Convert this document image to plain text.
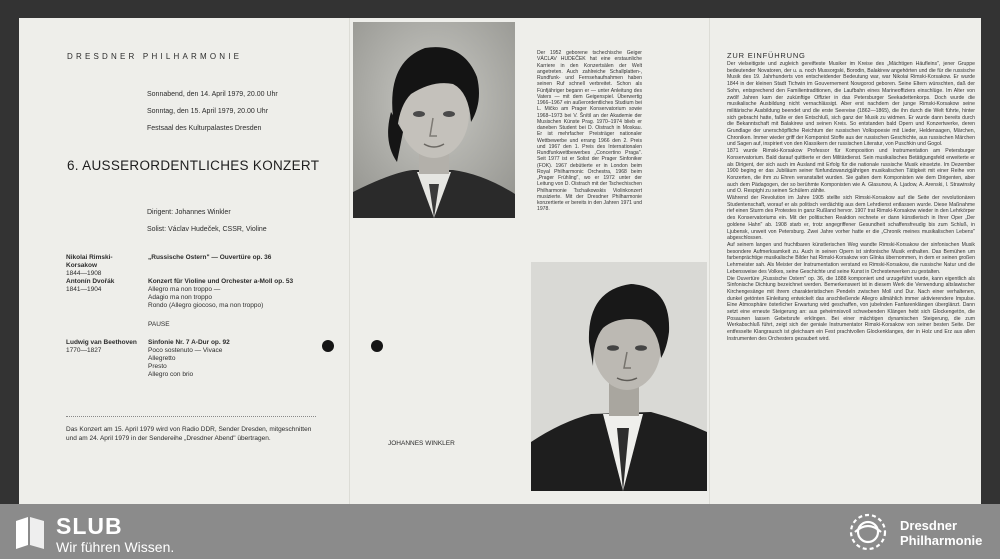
DRESDNER PHILHARMONIE

Sonnabend, den 14. April 1979, 20.00 Uhr

Sonntag, den 15. April 1979, 20.00 Uhr

Festsaal des Kulturpalastes Dresden

6. AUSSERORDENTLICHES KONZERT

Dirigent: Johannes Winkler

Solist: Václav Hudeček, CSSR, Violine

Nikolai Rimski-Korsakow
1844—1908
„Russische Ostern" — Ouvertüre op. 36
Antonín Dvořák
1841—1904
Konzert für Violine und Orchester a-Moll op. 53
Allegro ma non troppo —
Adagio ma non troppo
Rondo (Allegro giocoso, ma non troppo)

PAUSE

Ludwig van Beethoven
1770—1827
Sinfonie Nr. 7 A-Dur op. 92
Poco sostenuto — Vivace
Allegretto
Presto
Allegro con brio

Das Konzert am 15. April 1979 wird von Radio DDR, Sender Dresden, mitgeschnitten und am 24. April 1979 in der Sendereihe „Dresdner Abend" übertragen.

Der 1952 geborene tschechische Geiger VÁCLAV HUDEČEK hat eine erstaunliche Karriere in den Konzertsälen der Welt angetreten. Auch zahlreiche Schallplatten-, Rundfunk- und Fernsehaufnahmen haben seinen Ruf schnell verbreitet. Schon als Fünfjähriger begann er — unter Anleitung des Vaters — mit dem Geigenspiel. Überwertig 1966–1967 ein außerordentliches Studium bei L. Mičko am Prager Konservatorium sowie 1968–1973 bei V. Šnítil an der Akademie der Musischen Künste Prag. 1970–1974 blieb er daneben Student bei D. Oistrach in Moskau. Er ist mehrfacher Preisträger nationaler Wettbewerbe und errang 1966 den 2. Preis und 1967 den 1. Preis des Internationalen Rundfunkwettbewerbes „Concertino Praga". Seit 1977 ist er Solist der Prager Sinfoniker (FOK). 1967 debütierte er in London beim Royal Philharmonic Orchestra, 1968 beim „Prager Frühling", wo er 1972 unter der Leitung von D. Oistrach mit der Tschechischen Philharmonie Tschaikowskis Violinkonzert musizierte. Mit der Dresdner Philharmonie konzertierte er bereits in den Jahren 1971 und 1978.

JOHANNES WINKLER

ZUR EINFÜHRUNG

Der vielseitigste und zugleich gereifteste Musiker im Kreise des „Mächtigen Häufleins", jener Gruppe bedeutender Novatoren, der u. a. noch Mussorgski, Borodin, Balakirew angehörten und die für die russische Musik des 19. Jahrhunderts von entscheidender Bedeutung war, war Nikolai Rimski-Korsakow. Er wurde 1844 in der kleinen Stadt Tichwin im Gouvernement Nowgorod geboren. Seine Eltern wünschten, daß der Sohn, entsprechend den Familientraditionen, die Laufbahn eines Marineoffiziers einschlüge. Im Alter von zwölf Jahren kam der zukünftige Offizier in das Petersburger Seekadettenkorps. Doch wurde die musikalische Ausbildung nicht vernachlässigt. Aber erst nachdem der junge Rimski-Korsakow seine militärische Ausbildung beendet und die erste Seereise (1862—1865), die ihn durch die Welt führte, hinter sich gebracht hatte, faßte er den Entschluß, sich ganz der Musik zu widmen. Er wurde dann bereits durch die Bekanntschaft mit Balakirew und seinen Kreis. So entstanden bald Opern und Konzertwerke, deren Grundlage der unerschöpfliche Reichtum der russischen Volkspoesie mit Lieder, Heldensagen, Märchen, Chroniken. Immer wieder griff der Komponist Stoffe aus der russischen Geschichte, aus russischen Märchen und Sagen auf, inspiriert von den Klassikern der russischen Literatur, von Puschkin und Gogol.

1871 wurde Rimski-Korsakow Professor für Komposition und Instrumentation am Petersburger Konservatorium. Bald darauf quittierte er den Militärdienst. Sein musikalisches Betätigungsfeld erweiterte er als Dirigent, der sich auch im Ausland mit Erfolg für die nationale russische Musik einsetzte. Im Dezember 1900 beging er das Jubiläum seiner fünfundzwanzigjährigen musikalischen Tätigkeit mit einer Reihe von Konzerten, die ihm zu Ehren veranstaltet wurden. Sie galten dem Komponisten wie dem Dirigenten, aber auch dem Pädagogen, der so berühmte Komponisten wie A. Glasunow, A. Ljadow, A. Arenski, I. Strawinsky und O. Respighi zu seinen Schülern zählte.

Während der Revolution im Jahre 1905 stellte sich Rimski-Korsakow auf die Seite der revolutionären Studentenschaft, worauf er als politisch verdächtig aus dem Lehrdienst entlassen wurde. Diese Maßnahme rief einen Sturm des Protestes in ganz Rußland hervor. 1907 trat Rimski-Korsakow wieder in den Lehrkörper des Konservatoriums ein. Mit der politischen Reaktion rechnete er dann künstlerisch in Ihrer Oper „Der goldene Hahn" ab. 1908 starb er, trotz angegriffener Gesundheit schaffensfreudig bis zum Schluß, in Ljubensk, unweit von Petersburg. Zwei Jahre vorher hatte er die „Chronik meines musikalischen Lebens" abgeschlossen.

Auf seinem langen und fruchtbaren künstlerischen Weg wandte Rimski-Korsakow der sinfonischen Musik besondere Aufmerksamkeit zu. Auch in seinen Opern ist sinfonische Musik enthalten. Das Bemühen um farbenprächtige musikalische Bilder hat Rimski-Korsakow von Glinka übernommen, in dem er seinen großen Lehrmeister sah. Als Meister der Instrumentation verstand es Rimski-Korsakow, die russische Natur und die Lebensweise des Volkes, seine Geschichte und seine Kunst in Orchesterwerken zu gestalten.

Die Ouvertüre „Russische Ostern" op. 36, die 1888 komponiert und urzugeführt wurde, kann eigentlich als Sinfonische Dichtung bezeichnet werden. Bemerkenswert ist in diesem Werk die Verwendung altslawischer Kirchengesänge mit ihrem charakteristischen Pendeln zwischen Moll und Dur. Nach einer verhaltenen, dunkel getönten Einleitung entwickelt das anschließende Allegro allmählich immer aktivierendere Impulse. Eine Atmosphäre österlicher Erwartung wird geschaffen, von jubelnden Fanfarenklängen überglänzt. Dann setzt eine erneute Steigerung an: aus geheimnisvoll schwebenden Klängen hebt sich Glockengetön, die Posaunen lassen Gebetsrufe erklingen. Bei einer mächtigen dynamischen Steigerung, die zum Werkabschluß führt, zeigt sich der geniale Instrumentator Rimski-Korsakow von seiner besten Seite. Der entfesselte Klangrausch ist gleichsam ein Fest prachtvollen Glockenklanges, der in Holz und Erz aus allen Instrumenten des Orchesters gezaubert wird.

SLUB
Wir führen Wissen.
Dresdner
Philharmonie
